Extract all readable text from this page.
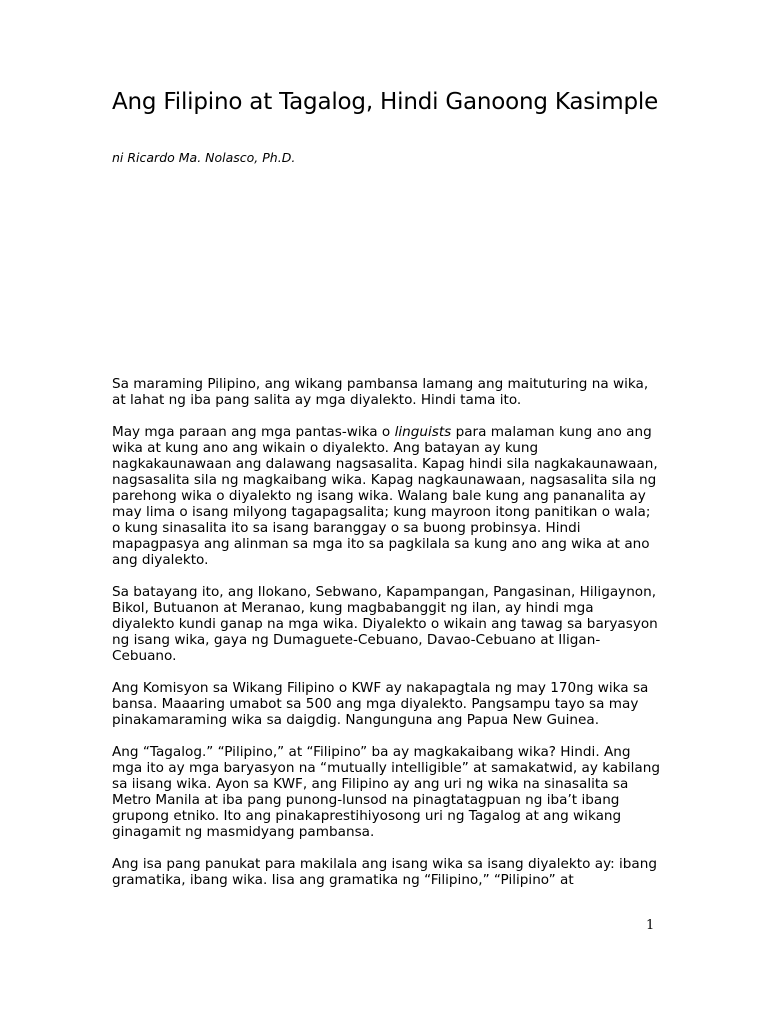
Ang Filipino at Tagalog, Hindi Ganoong Kasimple
ni Ricardo Ma. Nolasco, Ph.D.

Sa maraming Pilipino, ang wikang pambansa lamang ang maituturing na wika, at lahat ng iba pang salita ay mga diyalekto. Hindi tama ito.

May mga paraan ang mga pantas-wika o linguists para malaman kung ano ang wika at kung ano ang wikain o diyalekto. Ang batayan ay kung nagkakaunawaan ang dalawang nagsasalita. Kapag hindi sila nagkakaunawaan, nagsasalita sila ng magkaibang wika. Kapag nagkaunawaan, nagsasalita sila ng parehong wika o diyalekto ng isang wika. Walang bale kung ang pananalita ay may lima o isang milyong tagapagsalita; kung mayroon itong panitikan o wala; o kung sinasalita ito sa isang baranggay o sa buong probinsya. Hindi mapagpasya ang alinman sa mga ito sa pagkilala sa kung ano ang wika at ano ang diyalekto.

Sa batayang ito, ang Ilokano, Sebwano, Kapampangan, Pangasinan, Hiligaynon, Bikol, Butuanon at Meranao, kung magbabanggit ng ilan, ay hindi mga diyalekto kundi ganap na mga wika. Diyalekto o wikain ang tawag sa baryasyon ng isang wika, gaya ng Dumaguete-Cebuano, Davao-Cebuano at Iligan-Cebuano.

Ang Komisyon sa Wikang Filipino o KWF ay nakapagtala ng may 170ng wika sa bansa. Maaaring umabot sa 500 ang mga diyalekto. Pangsampu tayo sa may pinakamaraming wika sa daigdig. Nangunguna ang Papua New Guinea.

Ang “Tagalog.” “Pilipino,” at “Filipino” ba ay magkakaibang wika? Hindi. Ang mga ito ay mga baryasyon na “mutually intelligible” at samakatwid, ay kabilang sa iisang wika. Ayon sa KWF, ang Filipino ay ang uri ng wika na sinasalita sa Metro Manila at iba pang punong-lunsod na pinagtatagpuan ng iba’t ibang grupong etniko. Ito ang pinakaprestihiyosong uri ng Tagalog at ang wikang ginagamit ng masmidyang pambansa.

Ang isa pang panukat para makilala ang isang wika sa isang diyalekto ay: ibang gramatika, ibang wika. Iisa ang gramatika ng “Filipino,” “Pilipino” at

1
